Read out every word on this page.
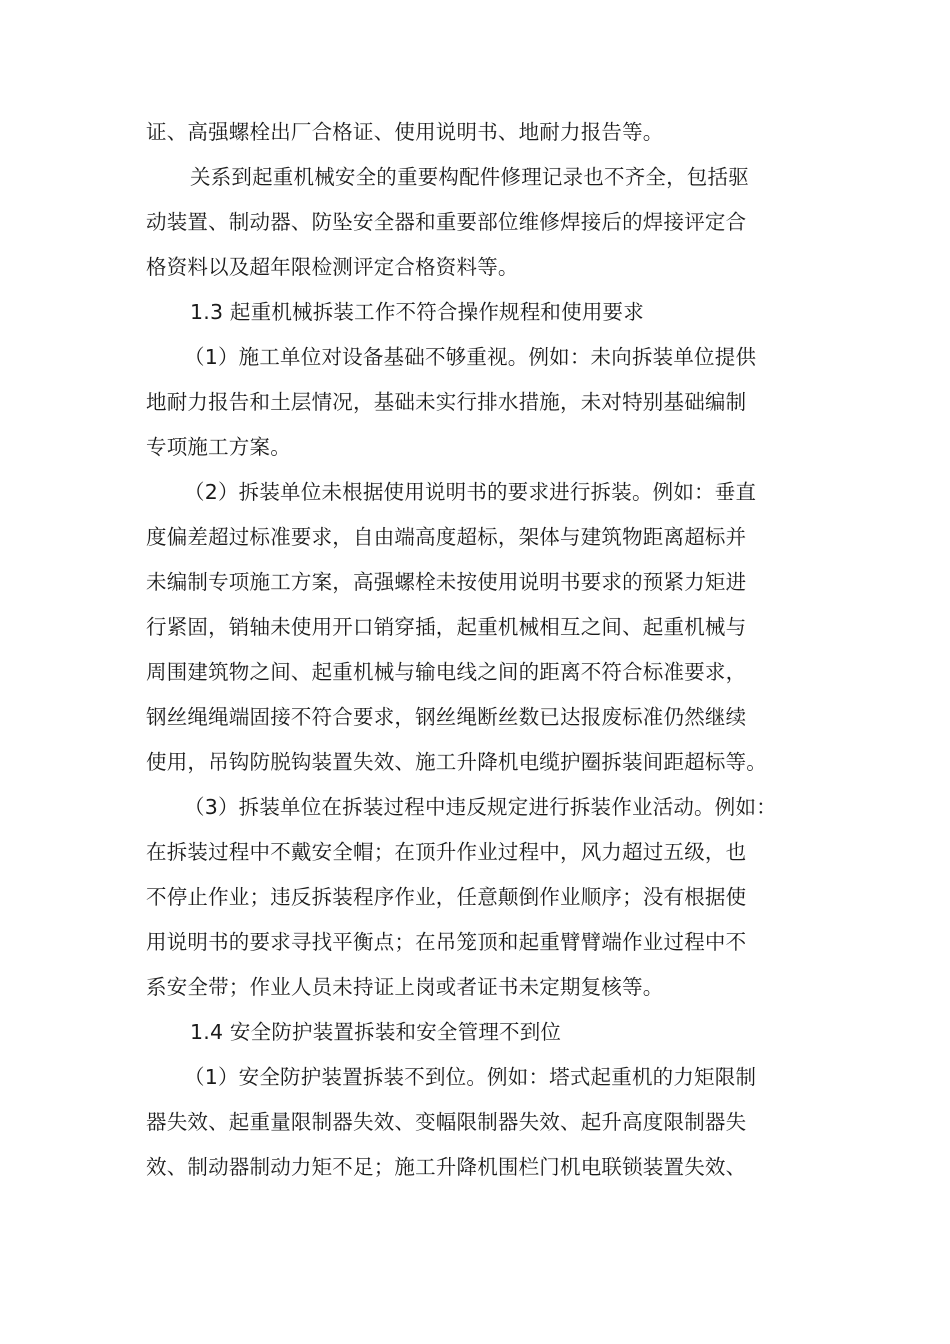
证、高强螺栓出厂合格证、使用说明书、地耐力报告等。
关系到起重机械安全的重要构配件修理记录也不齐全，包括驱
动装置、制动器、防坠安全器和重要部位维修焊接后的焊接评定合
格资料以及超年限检测评定合格资料等。
1.3 起重机械拆装工作不符合操作规程和使用要求
（1）施工单位对设备基础不够重视。例如：未向拆装单位提供
地耐力报告和土层情况，基础未实行排水措施，未对特别基础编制
专项施工方案。
（2）拆装单位未根据使用说明书的要求进行拆装。例如：垂直
度偏差超过标准要求，自由端高度超标，架体与建筑物距离超标并
未编制专项施工方案，高强螺栓未按使用说明书要求的预紧力矩进
行紧固，销轴未使用开口销穿插，起重机械相互之间、起重机械与
周围建筑物之间、起重机械与输电线之间的距离不符合标准要求，
钢丝绳绳端固接不符合要求，钢丝绳断丝数已达报废标准仍然继续
使用，吊钩防脱钩装置失效、施工升降机电缆护圈拆装间距超标等。
（3）拆装单位在拆装过程中违反规定进行拆装作业活动。例如：
在拆装过程中不戴安全帽；在顶升作业过程中，风力超过五级，也
不停止作业；违反拆装程序作业，任意颠倒作业顺序；没有根据使
用说明书的要求寻找平衡点；在吊笼顶和起重臂臂端作业过程中不
系安全带；作业人员未持证上岗或者证书未定期复核等。
1.4 安全防护装置拆装和安全管理不到位
（1）安全防护装置拆装不到位。例如：塔式起重机的力矩限制
器失效、起重量限制器失效、变幅限制器失效、起升高度限制器失
效、制动器制动力矩不足；施工升降机围栏门机电联锁装置失效、
